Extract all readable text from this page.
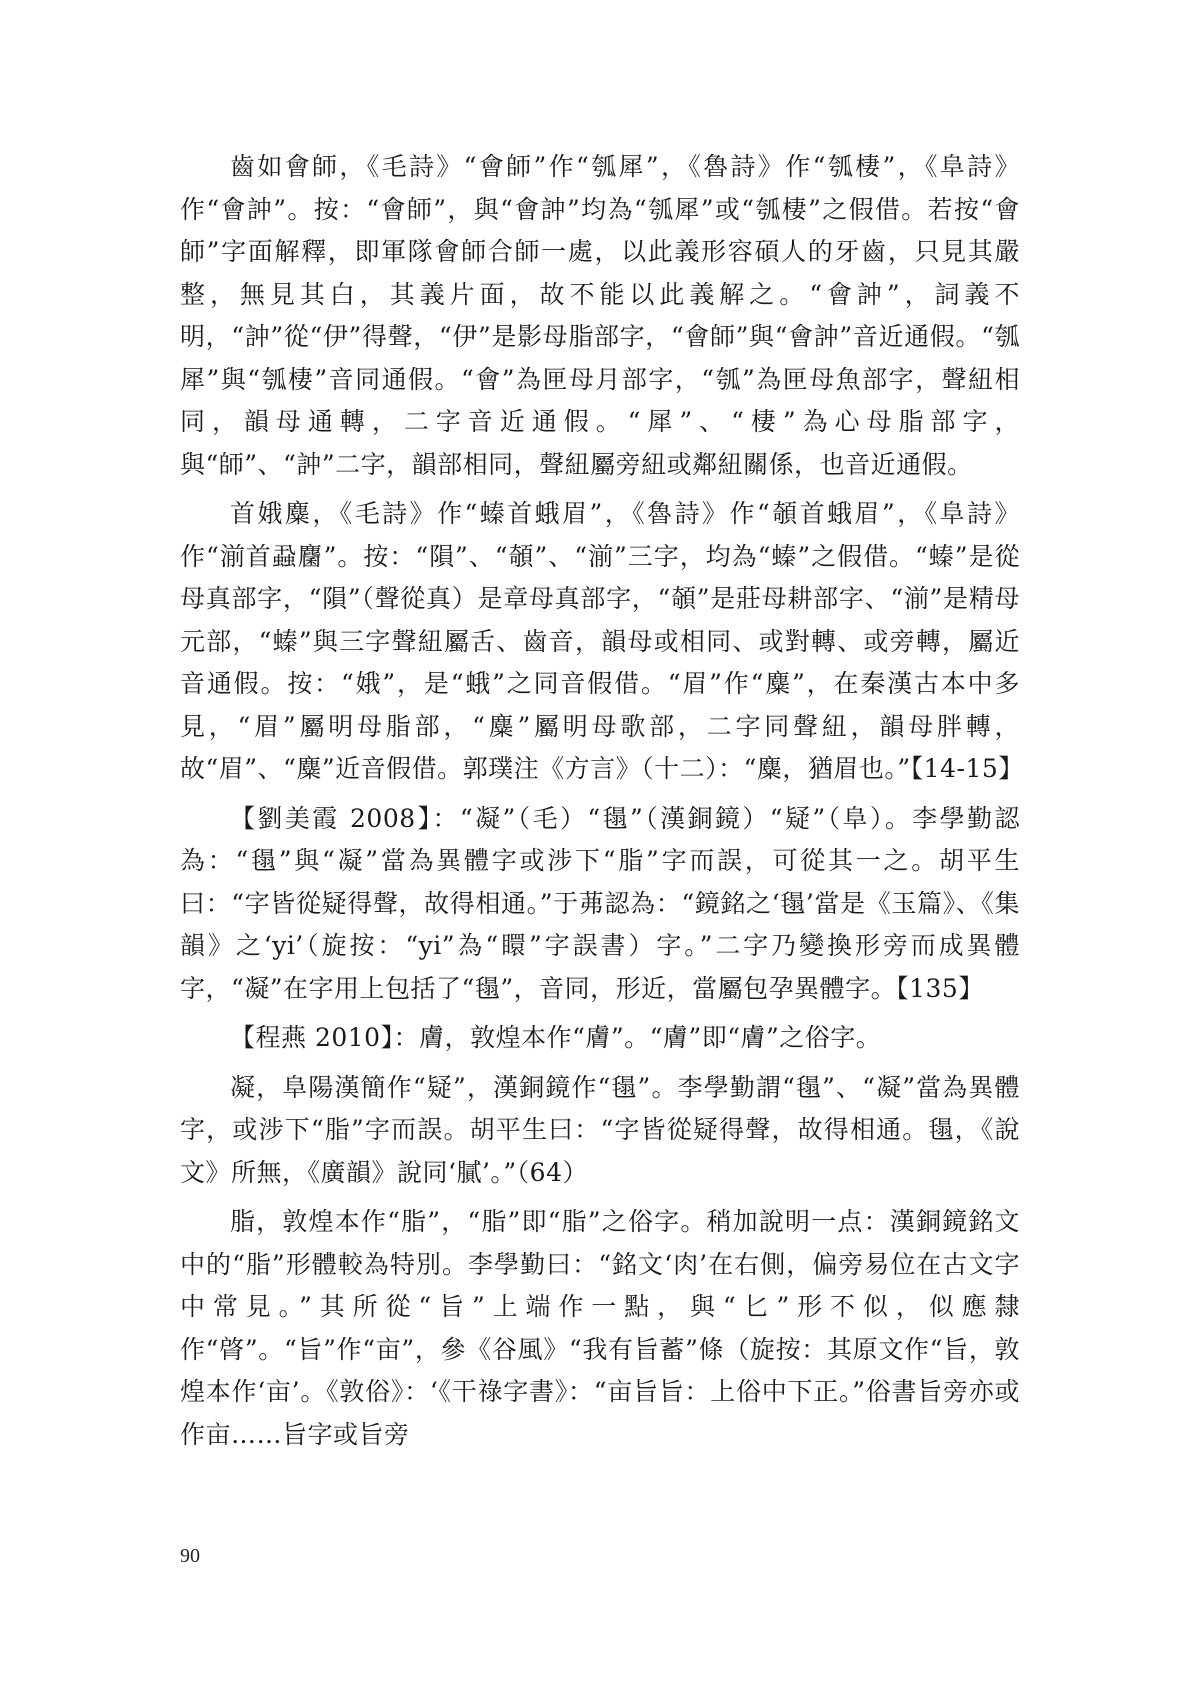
齒如會師，《毛詩》“會師”作“瓠犀”，《魯詩》作“瓠棲”，《阜詩》作“會訲”。按：“會師”，與“會訲”均為“瓠犀”或“瓠棲”之假借。若按“會師”字面解釋，即軍隊會師合師一處，以此義形容碩人的牙齒，只見其嚴整，無見其白，其義片面，故不能以此義解之。“會訲”，詞義不明，“訲”從“伊”得聲，“伊”是影母脂部字，“會師”與“會訲”音近通假。“瓠犀”與“瓠棲”音同通假。“會”為匣母月部字，“瓠”為匣母魚部字，聲紐相同，韻母通轉，二字音近通假。“犀”、“棲”為心母脂部字，與“師”、“訲”二字，韻部相同，聲紐屬旁紐或鄰紐關係，也音近通假。

首娥麋，《毛詩》作“螓首蛾眉”，《魯詩》作“䫑首蛾眉”，《阜詩》作“湔首蝨麕”。按：“隕”、“䫑”、“湔”三字，均為“螓”之假借。“螓”是從母真部字，“隕”（聲從真）是章母真部字，“䫑”是莊母耕部字、“湔”是精母元部，“螓”與三字聲紐屬舌、齒音，韻母或相同、或對轉、或旁轉，屬近音通假。按：“娥”，是“蛾”之同音假借。“眉”作“麋”，在秦漢古本中多見，“眉”屬明母脂部，“麋”屬明母歌部，二字同聲紐，韻母胖轉，故“眉”、“麋”近音假借。郭璞注《方言》（十二）：“麋，猶眉也。”【14-15】

【劉美霞 2008】：“凝”（毛）“㲩”（漢銅鏡）“疑”（阜）。李學勤認為：“㲩”與“凝”當為異體字或涉下“脂”字而誤，可從其一之。胡平生曰：“字皆從疑得聲，故得相通。”于茀認為：“鏡銘之‘㲩’當是《玉篇》、《集韻》之‘yi’（旋按：“yi”為“䁵”字誤書）字。”二字乃變換形旁而成異體字，“凝”在字用上包括了“㲩”，音同，形近，當屬包孕異體字。【135】

【程燕 2010】：膚，敦煌本作“膚”。“膚”即“膚”之俗字。

凝，阜陽漢簡作“疑”，漢銅鏡作“㲩”。李學勤謂“㲩”、“凝”當為異體字，或涉下“脂”字而誤。胡平生曰：“字皆從疑得聲，故得相通。㲩，《說文》所無，《廣韻》說同‘膩’。”（64）

脂，敦煌本作“脂”，“脂”即“脂”之俗字。稍加說明一点：漢銅鏡銘文中的“脂”形體較為特別。李學勤曰：“銘文‘肉’在右側，偏旁易位在古文字中常見。”其所從“旨”上端作一點，與“匕”形不似，似應隸作“䏿”。“旨”作“亩”，參《谷風》“我有旨蓄”條（旋按：其原文作“旨，敦煌本作‘亩’。《敦俗》：‘《干祿字書》：“亩旨旨：上俗中下正。”俗書旨旁亦或作亩……旨字或旨旁

90
